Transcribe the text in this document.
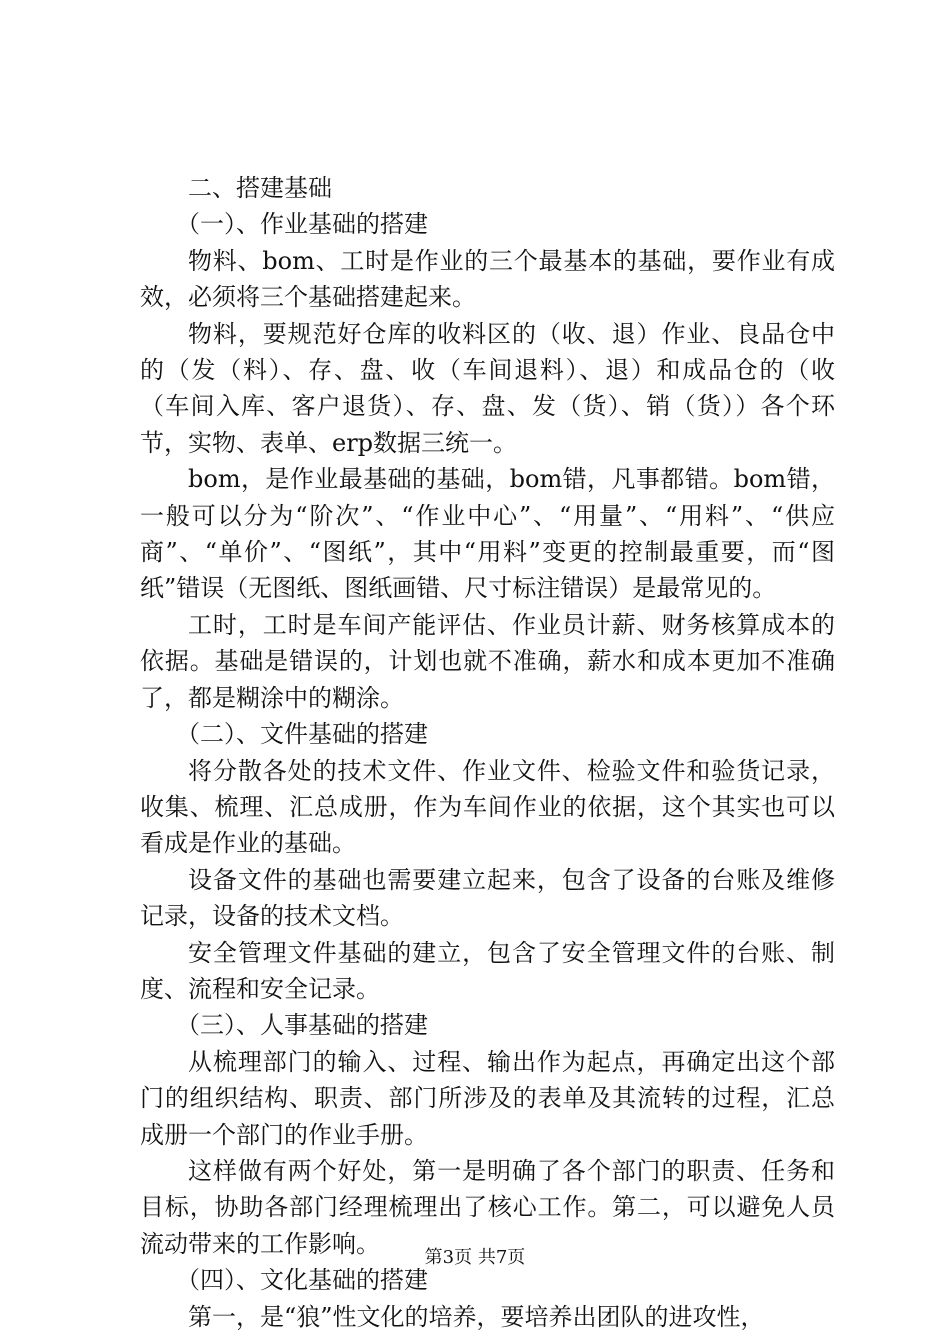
二、搭建基础

（一）、作业基础的搭建

物料、bom、工时是作业的三个最基本的基础，要作业有成效，必须将三个基础搭建起来。

物料，要规范好仓库的收料区的（收、退）作业、良品仓中的（发（料）、存、盘、收（车间退料）、退）和成品仓的（收（车间入库、客户退货）、存、盘、发（货）、销（货））各个环节，实物、表单、erp数据三统一。

bom，是作业最基础的基础，bom错，凡事都错。bom错，一般可以分为“阶次”、“作业中心”、“用量”、“用料”、“供应商”、“单价”、“图纸”，其中“用料”变更的控制最重要，而“图纸”错误（无图纸、图纸画错、尺寸标注错误）是最常见的。

工时，工时是车间产能评估、作业员计薪、财务核算成本的依据。基础是错误的，计划也就不准确，薪水和成本更加不准确了，都是糊涂中的糊涂。

（二）、文件基础的搭建

将分散各处的技术文件、作业文件、检验文件和验货记录，收集、梳理、汇总成册，作为车间作业的依据，这个其实也可以看成是作业的基础。

设备文件的基础也需要建立起来，包含了设备的台账及维修记录，设备的技术文档。

安全管理文件基础的建立，包含了安全管理文件的台账、制度、流程和安全记录。

（三）、人事基础的搭建

从梳理部门的输入、过程、输出作为起点，再确定出这个部门的组织结构、职责、部门所涉及的表单及其流转的过程，汇总成册一个部门的作业手册。

这样做有两个好处，第一是明确了各个部门的职责、任务和目标，协助各部门经理梳理出了核心工作。第二，可以避免人员流动带来的工作影响。

（四）、文化基础的搭建

第一，是“狼”性文化的培养，要培养出团队的进攻性，

第3页 共7页
